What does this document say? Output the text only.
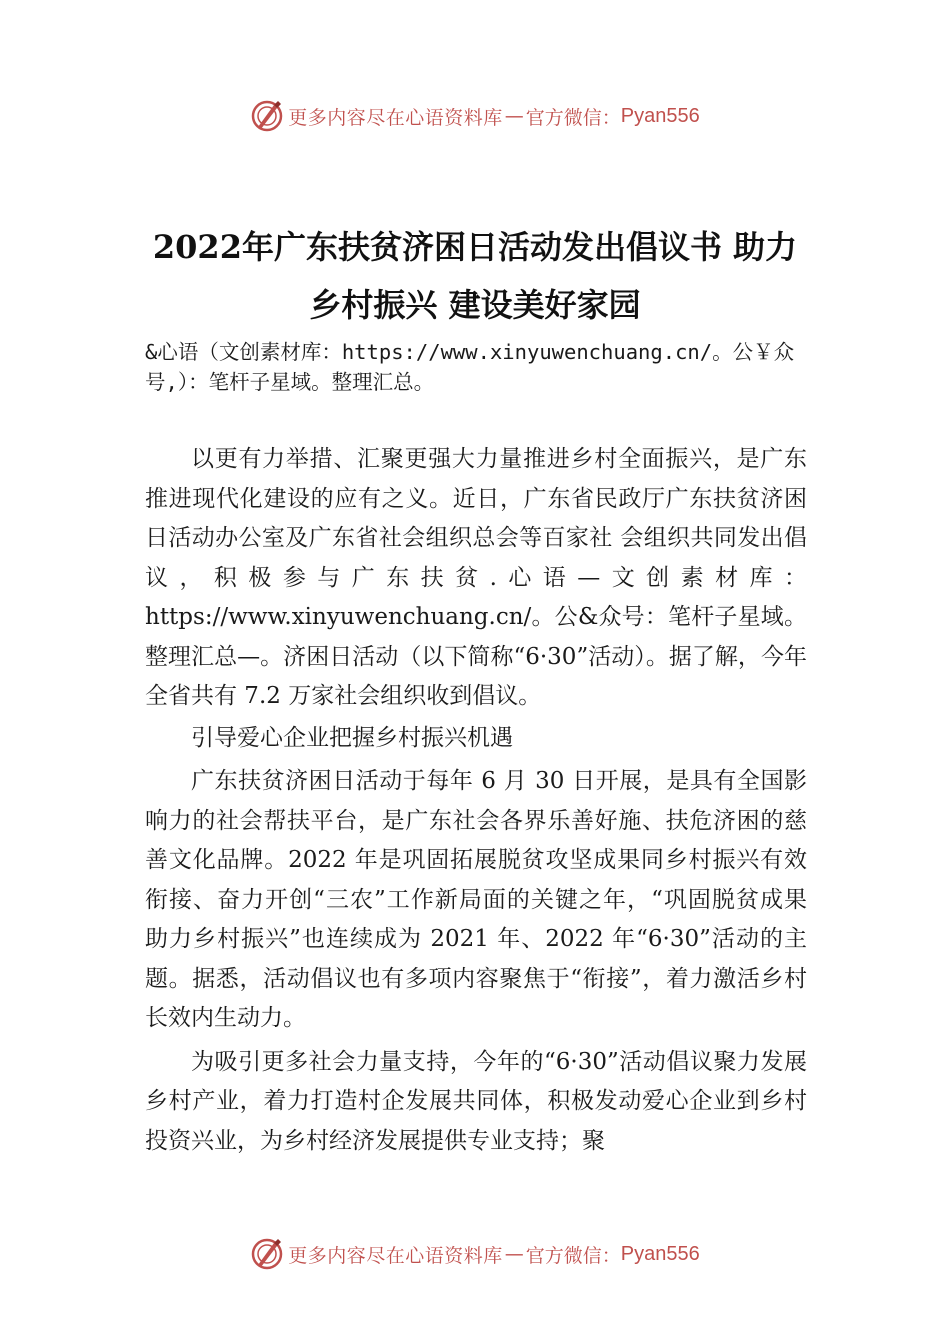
更多内容尽在心语资料库 — 官方微信： Pyan556
2022年广东扶贫济困日活动发出倡议书 助力乡村振兴 建设美好家园
&心语（文创素材库：https://www.xinyuwenchuang.cn/。公￥众号,）：笔杆子星域。整理汇总。

以更有力举措、汇聚更强大力量推进乡村全面振兴，是广东推进现代化建设的应有之义。近日，广东省民政厅广东扶贫济困日活动办公室及广东省社会组织总会等百家社 会组织共同发出倡议，积极参与广东扶贫.心语—文创素材库：https://www.xinyuwenchuang.cn/。公&众号：笔杆子星域。整理汇总—。济困日活动（以下简称“6·30”活动）。据了解，今年全省共有 7.2 万家社会组织收到倡议。

引导爱心企业把握乡村振兴机遇

广东扶贫济困日活动于每年 6 月 30 日开展，是具有全国影响力的社会帮扶平台，是广东社会各界乐善好施、扶危济困的慈善文化品牌。2022 年是巩固拓展脱贫攻坚成果同乡村振兴有效衔接、奋力开创“三农”工作新局面的关键之年，“巩固脱贫成果 助力乡村振兴”也连续成为 2021 年、2022 年“6·30”活动的主题。据悉，活动倡议也有多项内容聚焦于“衔接”，着力激活乡村长效内生动力。

为吸引更多社会力量支持，今年的“6·30”活动倡议聚力发展乡村产业，着力打造村企发展共同体，积极发动爱心企业到乡村投资兴业，为乡村经济发展提供专业支持；聚

更多内容尽在心语资料库 — 官方微信： Pyan556
